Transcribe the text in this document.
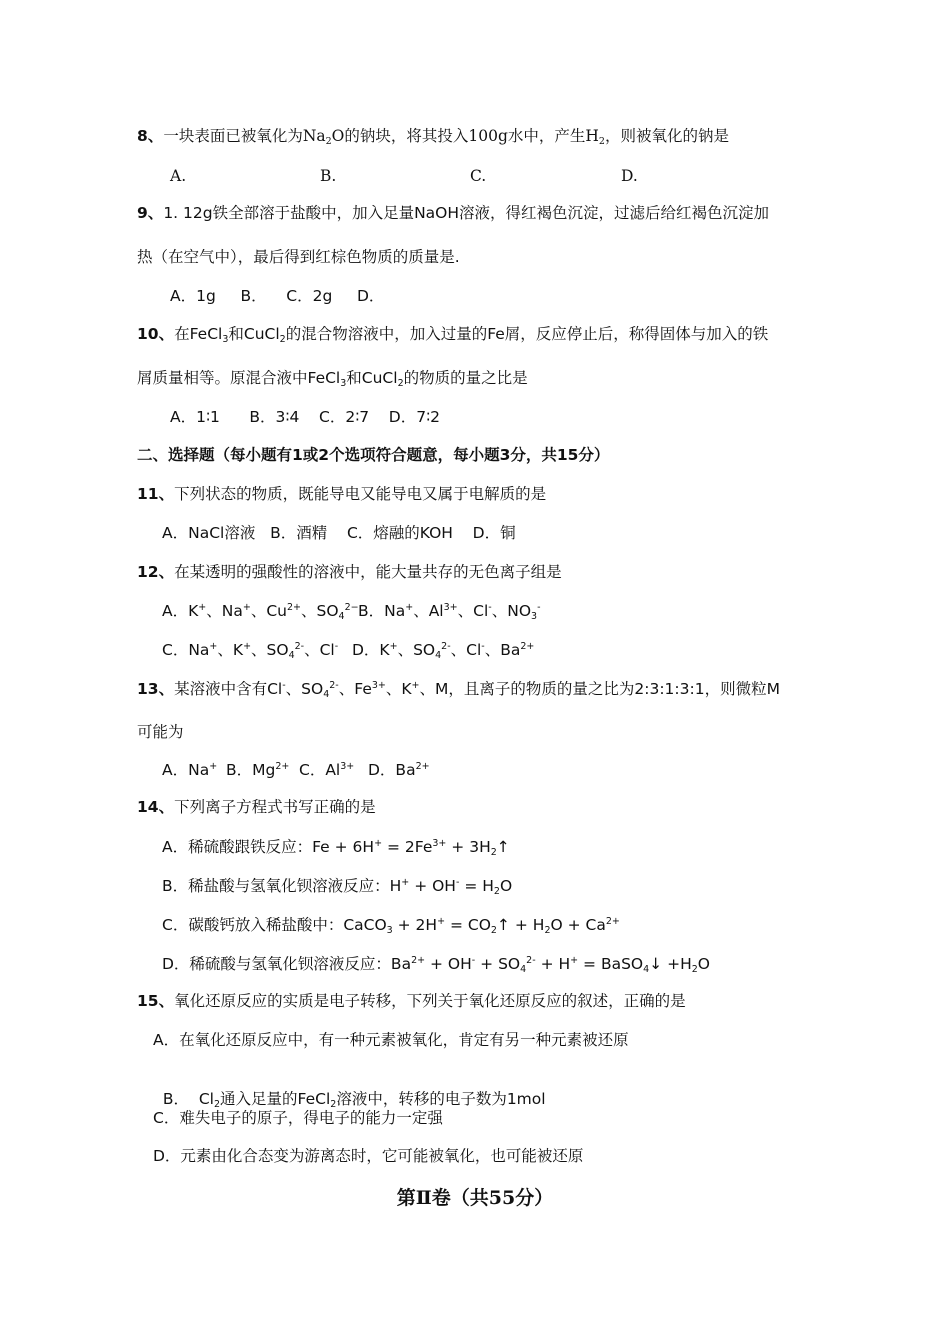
8、一块表面已被氧化为$Na_2O$的钠块，将其投入100g水中，产生$H_2$，则被氧化的钠是
A.	B.	C.	D.
9、1. 12g铁全部溶于盐酸中，加入足量NaOH溶液，得红褐色沉淀，过滤后给红褐色沉淀加
热（在空气中），最后得到红棕色物质的质量是.
A．1g     B．    C．2g     D．
10、在FeCl$_3$和CuCl$_2$的混合物溶液中，加入过量的Fe屑，反应停止后，称得固体与加入的铁
屑质量相等。原混合液中FeCl$_3$和CuCl$_2$的物质的量之比是
A．1∶1      B．3∶4    C．2∶7    D．7∶2
二、选择题（每小题有1或2个选项符合题意，每小题3分，共15分）
11、下列状态的物质，既能导电又能导电又属于电解质的是
A．NaCl溶液   B．酒精    C．熔融的KOH    D．铜
12、在某透明的强酸性的溶液中，能大量共存的无色离子组是
A．K+、Na+、$Cu^{2+}$、$SO_4^{2-}$ B．Na+、$Al^{3+}$、Cl-、$NO_3^-$
C．Na+、K+、$SO_4^{2-}$、Cl- D．K+、$SO_4^{2-}$、Cl-、$Ba^{2+}$
13、某溶液中含有Cl-、$SO_4^{2-}$、$Fe^{3+}$、K+、M，且离子的物质的量之比为2:3:1:3:1，则微粒M
可能为
A．Na+ B．$Mg^{2+}$ C．$Al^{3+}$ D．$Ba^{2+}$
14、下列离子方程式书写正确的是
A．稀硫酸跟铁反应：$Fe + 6H^+ = 2Fe^{3+}$ + $3H_2↑$
B．稀盐酸与氢氧化钡溶液反应：$H^+ + OH^- = H_2O$
C．碳酸钙放入稀盐酸中：CaCO$_3$ + $2H^+ = CO_2↑ + H_2O + Ca^{2+}$
D．稀硫酸与氢氧化钡溶液反应：$Ba^{2+} + OH^- + SO_4^{2-} + H^+$ = BaSO$_4$↓ $+H_2O$
15、氧化还原反应的实质是电子转移，下列关于氧化还原反应的叙述，正确的是
A．在氧化还原反应中，有一种元素被氧化，肯定有另一种元素被还原

B．  $Cl_2$通入足量的FeCl$_2$溶液中，转移的电子数为1mol

C．难失电子的原子，得电子的能力一定强
D．元素由化合态变为游离态时，它可能被氧化，也可能被还原
第Ⅱ卷（共55分）
